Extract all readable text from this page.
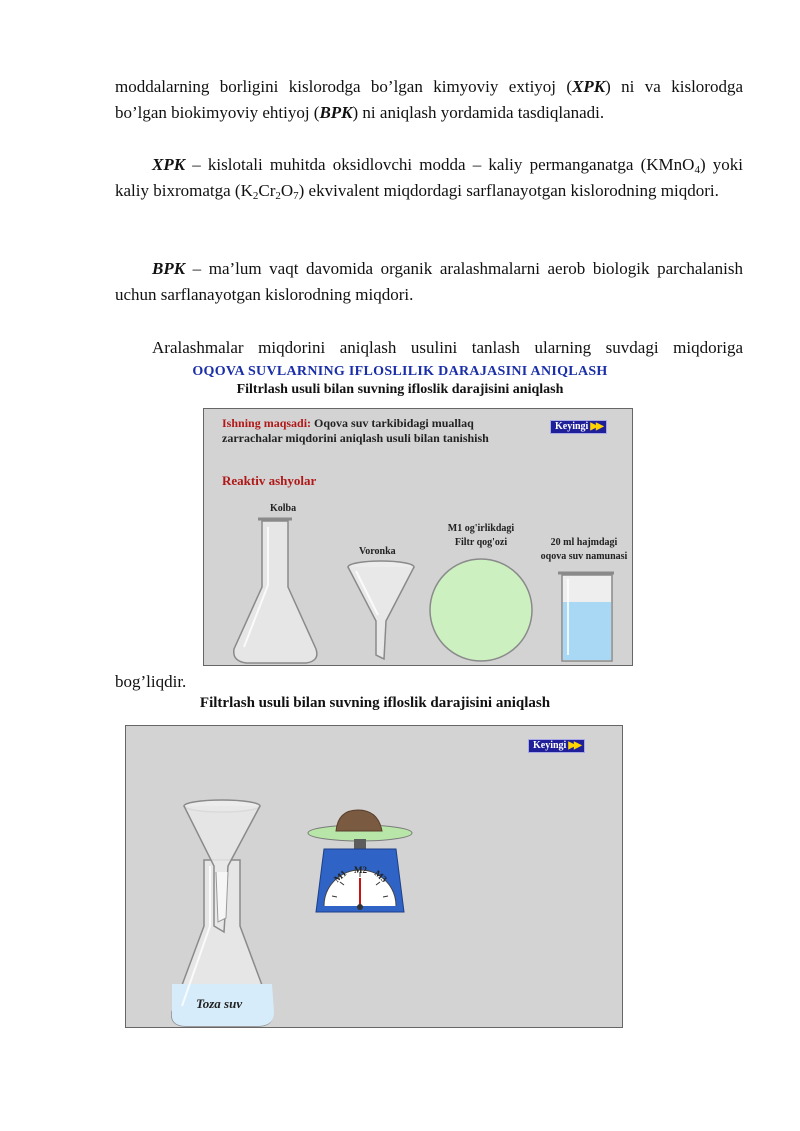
moddalarning borligini kislorodga bo’lgan kimyoviy extiyoj (XPK) ni va kislorodga bo’lgan biokimyoviy ehtiyoj (BPK) ni aniqlash yordamida tasdiqlanadi.

XPK – kislotali muhitda oksidlovchi modda – kaliy permanganatga (KMnO$_4$) yoki kaliy bixromatga $(K_2Cr_2O_7)$ ekvivalent miqdordagi sarflanayotgan kislorodning miqdori.

BPK – ma’lum vaqt davomida organik aralashmalarni aerob biologik parchalanish uchun sarflanayotgan kislorodning miqdori.

Aralashmalar miqdorini aniqlash usulini tanlash ularning suvdagi miqdoriga

OQOVA SUVLARNING IFLOSLILIK DARAJASINI ANIQLASH

Filtrlash usuli bilan suvning ifloslik darajisini aniqlash

Ishning maqsadi: Oqova suv tarkibidagi muallaq

zarrachalar miqdorini aniqlash usuli bilan tanishish

Keyingi ▶▶

Reaktiv ashyolar

Kolba

Voronka

M1 og'irlikdagi

Filtr qog'ozi	20 ml hajmdagi

oqova suv namunasi

bog’liqdir.

Filtrlash usuli bilan suvning ifloslik darajisini aniqlash

M1 M2 M3

Keyingi ▶▶

Toza suv
